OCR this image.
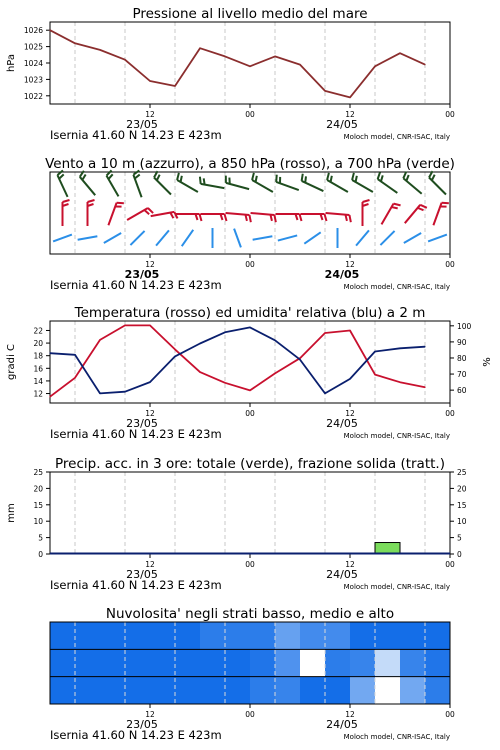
Pressione al livello medio del mare
12	00	12	00
23/05	24/05
Isernia 41.60 N 14.23 E 423m	Moloch model, CNR-ISAC, Italy
1022
1023
1024
1025
1026
hPa
Vento a 10 m (azzurro), a 850 hPa (rosso), a 700 hPa (verde)
12	00	12	00
23/05	24/05
Isernia 41.60 N 14.23 E 423m	Moloch model, CNR-ISAC, Italy
Temperatura (rosso) ed umidita' relativa (blu) a 2 m
12	00	12	00
23/05	24/05
Isernia 41.60 N 14.23 E 423m	Moloch model, CNR-ISAC, Italy
12
14
16
18
20
22
60
70
80
90
100
gradi C	%
Precip. acc. in 3 ore: totale (verde), frazione solida (tratt.)
12	00	12	00
23/05	24/05
Isernia 41.60 N 14.23 E 423m	Moloch model, CNR-ISAC, Italy
0
5
10
15
20
25
0
5
10
15
20
25
mm
Nuvolosita' negli strati basso, medio e alto
12	00	12	00
23/05	24/05
Isernia 41.60 N 14.23 E 423m	Moloch model, CNR-ISAC, Italy
